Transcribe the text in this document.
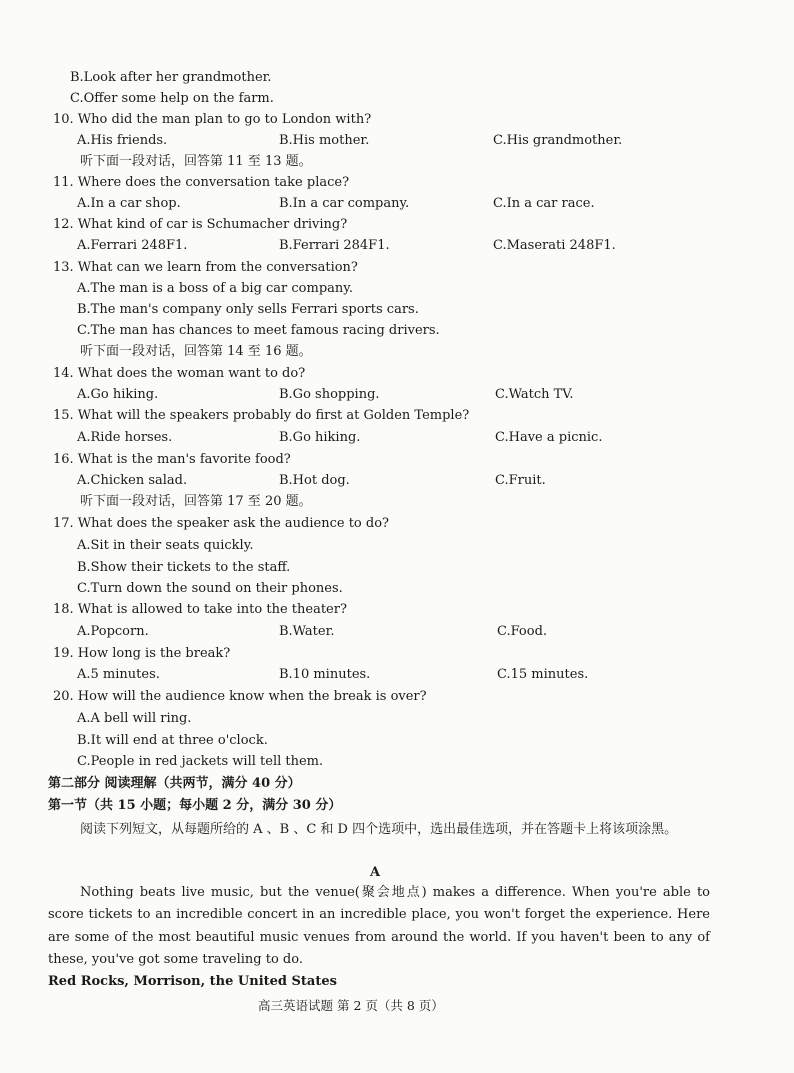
B.Look after her grandmother.
C.Offer some help on the farm.
10. Who did the man plan to go to London with?
A.His friends.	B.His mother.	C.His grandmother.
听下面一段对话，回答第 11 至 13 题。
11. Where does the conversation take place?
A.In a car shop.	B.In a car company.	C.In a car race.
12. What kind of car is Schumacher driving?
A.Ferrari 248F1.	B.Ferrari 284F1.	C.Maserati 248F1.
13. What can we learn from the conversation?
A.The man is a boss of a big car company.
B.The man's company only sells Ferrari sports cars.
C.The man has chances to meet famous racing drivers.
听下面一段对话，回答第 14 至 16 题。
14. What does the woman want to do?
A.Go hiking.	B.Go shopping.	C.Watch TV.
15. What will the speakers probably do first at Golden Temple?
A.Ride horses.	B.Go hiking.	C.Have a picnic.
16. What is the man's favorite food?
A.Chicken salad.	B.Hot dog.	C.Fruit.
听下面一段对话，回答第 17 至 20 题。
17. What does the speaker ask the audience to do?
A.Sit in their seats quickly.
B.Show their tickets to the staff.
C.Turn down the sound on their phones.
18. What is allowed to take into the theater?
A.Popcorn.	B.Water.	C.Food.
19. How long is the break?
A.5 minutes.	B.10 minutes.	C.15 minutes.
20. How will the audience know when the break is over?
A.A bell will ring.
B.It will end at three o'clock.
C.People in red jackets will tell them.
第二部分 阅读理解（共两节，满分 40 分）
第一节（共 15 小题；每小题 2 分，满分 30 分）
阅读下列短文，从每题所给的 A 、B 、C 和 D 四个选项中，选出最佳选项，并在答题卡上将该项涂黑。
A
Nothing beats live music, but the venue(聚会地点) makes a difference. When you're able to score tickets to an incredible concert in an incredible place, you won't forget the experience. Here are some of the most beautiful music venues from around the world. If you haven't been to any of these, you've got some traveling to do.
Red Rocks, Morrison, the United States
高三英语试题 第 2 页（共 8 页）
